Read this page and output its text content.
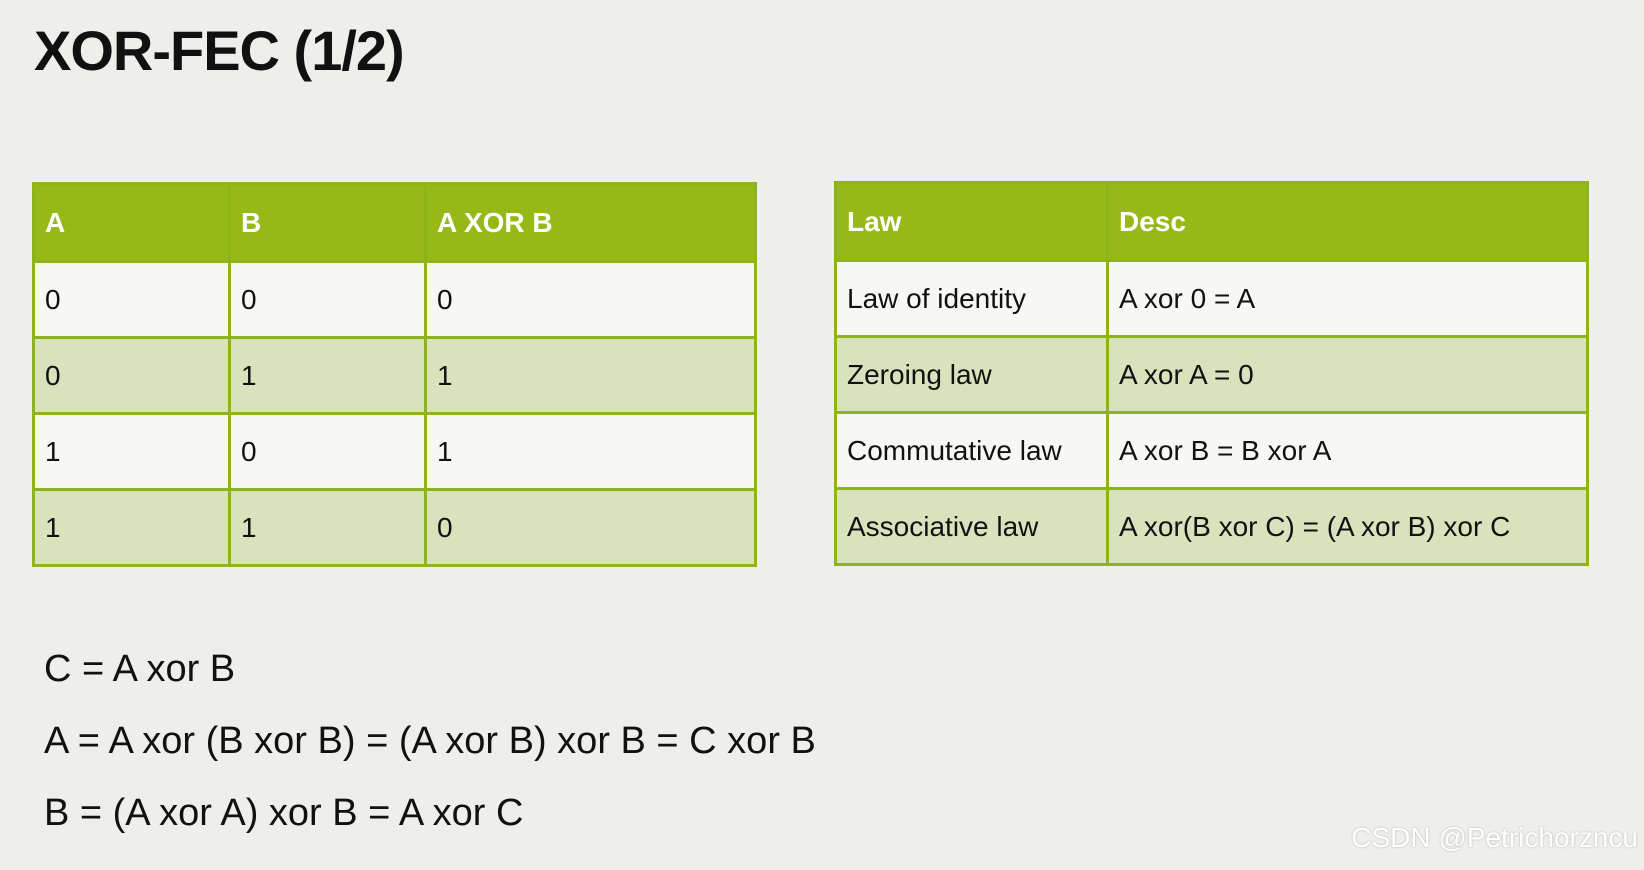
XOR-FEC (1/2)
A	B	A XOR B
0	0	0
0	1	1
1	0	1
1	1	0
Law	Desc
Law of identity	A xor 0 = A
Zeroing law	A xor A = 0
Commutative law	A xor B = B xor A
Associative law	A xor(B xor C) = (A xor B) xor C

C = A xor B

A = A xor (B xor B) = (A xor B) xor B = C xor B

B = (A xor A) xor B = A xor C

CSDN @Petrichorzncu
